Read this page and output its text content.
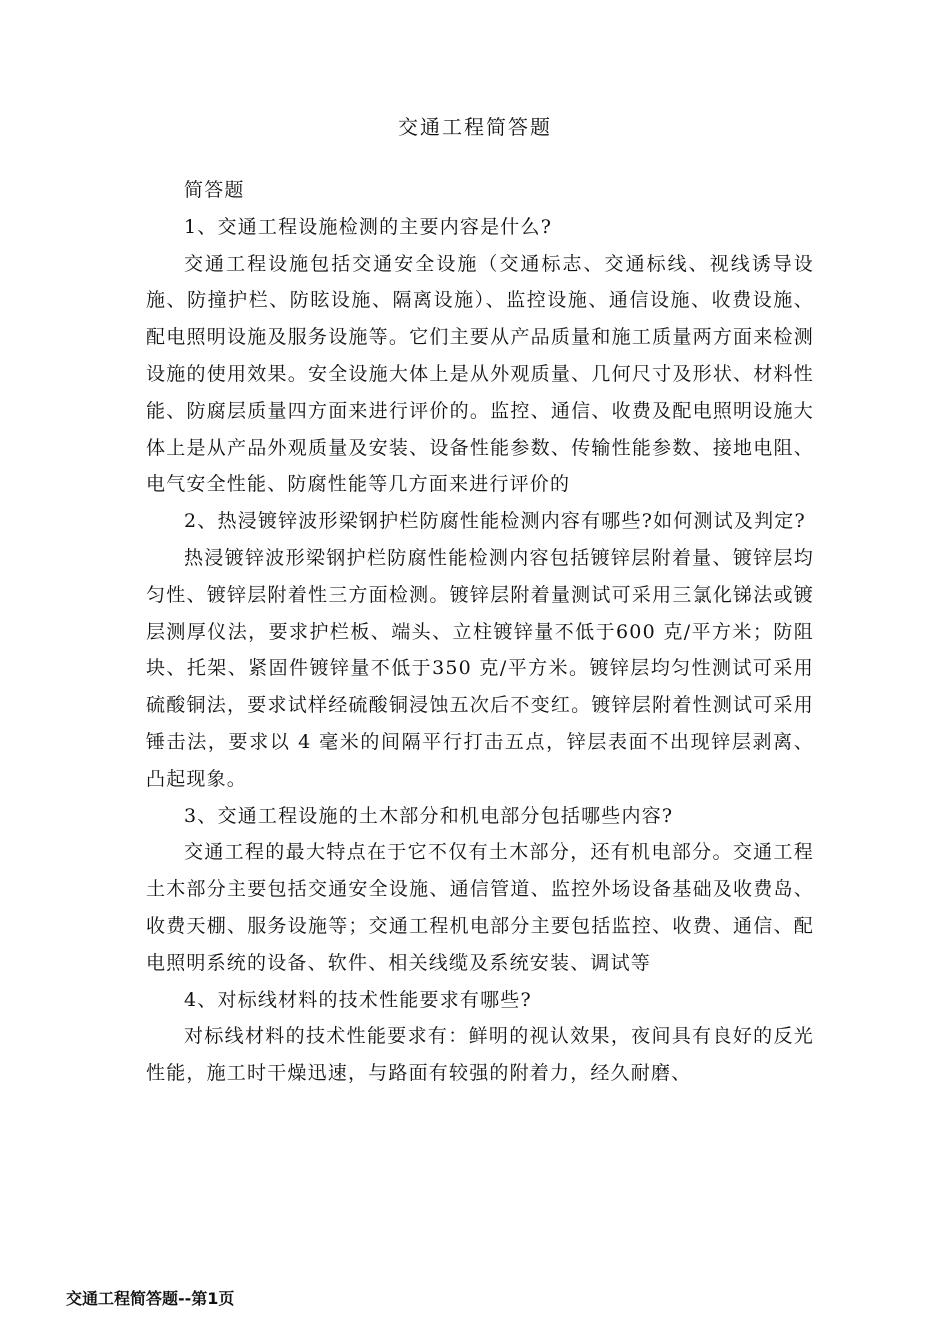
交通工程简答题

简答题

1、交通工程设施检测的主要内容是什么?

交通工程设施包括交通安全设施（交通标志、交通标线、视线诱导设施、防撞护栏、防眩设施、隔离设施）、监控设施、通信设施、收费设施、配电照明设施及服务设施等。它们主要从产品质量和施工质量两方面来检测设施的使用效果。安全设施大体上是从外观质量、几何尺寸及形状、材料性能、防腐层质量四方面来进行评价的。监控、通信、收费及配电照明设施大体上是从产品外观质量及安装、设备性能参数、传输性能参数、接地电阻、电气安全性能、防腐性能等几方面来进行评价的

2、热浸镀锌波形梁钢护栏防腐性能检测内容有哪些?如何测试及判定?

热浸镀锌波形梁钢护栏防腐性能检测内容包括镀锌层附着量、镀锌层均匀性、镀锌层附着性三方面检测。镀锌层附着量测试可采用三氯化锑法或镀层测厚仪法，要求护栏板、端头、立柱镀锌量不低于600 克/平方米；防阻块、托架、紧固件镀锌量不低于350 克/平方米。镀锌层均匀性测试可采用硫酸铜法，要求试样经硫酸铜浸蚀五次后不变红。镀锌层附着性测试可采用锤击法，要求以 4 毫米的间隔平行打击五点，锌层表面不出现锌层剥离、凸起现象。

3、交通工程设施的土木部分和机电部分包括哪些内容?

交通工程的最大特点在于它不仅有土木部分，还有机电部分。交通工程土木部分主要包括交通安全设施、通信管道、监控外场设备基础及收费岛、收费天棚、服务设施等；交通工程机电部分主要包括监控、收费、通信、配电照明系统的设备、软件、相关线缆及系统安装、调试等

4、对标线材料的技术性能要求有哪些?

对标线材料的技术性能要求有：鲜明的视认效果，夜间具有良好的反光性能，施工时干燥迅速，与路面有较强的附着力，经久耐磨、

交通工程简答题--第1页
